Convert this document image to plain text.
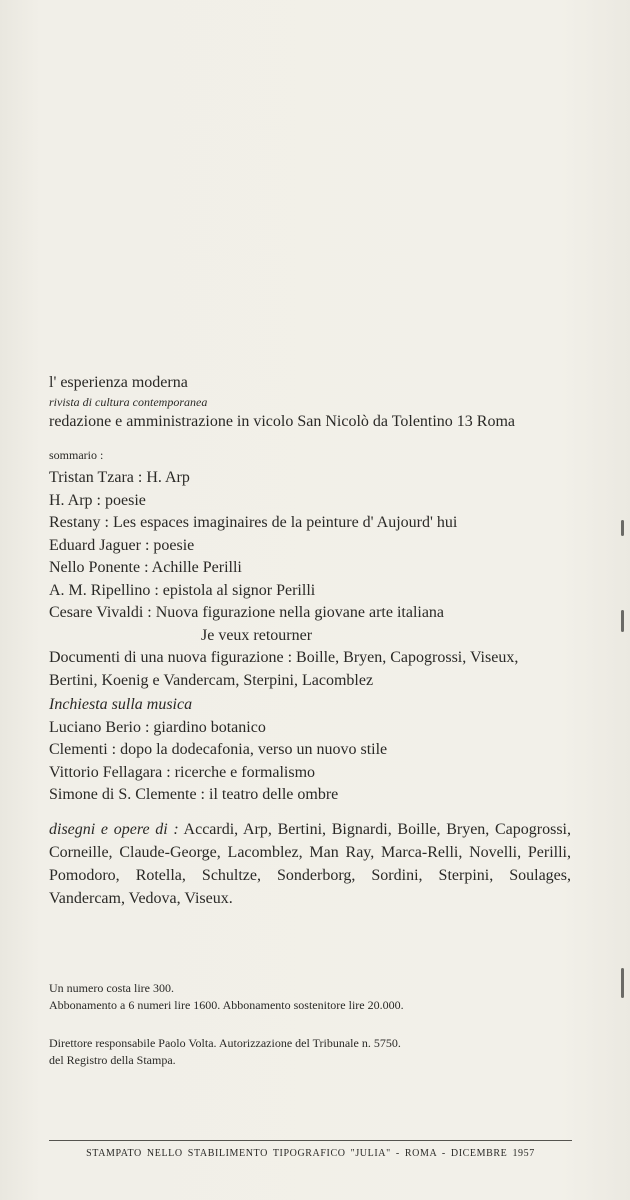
l' esperienza moderna
rivista di cultura contemporanea
redazione e amministrazione in vicolo San Nicolò da Tolentino 13 Roma
sommario :
Tristan Tzara : H. Arp
H. Arp : poesie
Restany : Les espaces imaginaires de la peinture d' Aujourd' hui
Eduard Jaguer : poesie
Nello Ponente : Achille Perilli
A. M. Ripellino : epistola al signor Perilli
Cesare Vivaldi : Nuova figurazione nella giovane arte italiana
Je veux retourner
Documenti di una nuova figurazione : Boille, Bryen, Capogrossi, Viseux,
Bertini, Koenig e Vandercam, Sterpini, Lacomblez
Inchiesta sulla musica
Luciano Berio : giardino botanico
Clementi : dopo la dodecafonia, verso un nuovo stile
Vittorio Fellagara : ricerche e formalismo
Simone di S. Clemente : il teatro delle ombre
disegni e opere di : Accardi, Arp, Bertini, Bignardi, Boille, Bryen, Capogrossi, Corneille, Claude-George, Lacomblez, Man Ray, Marca-Relli, Novelli, Perilli, Pomodoro, Rotella, Schultze, Sonderborg, Sordini, Sterpini, Soulages, Vandercam, Vedova, Viseux.
Un numero costa lire 300.
Abbonamento a 6 numeri lire 1600. Abbonamento sostenitore lire 20.000.
Direttore responsabile Paolo Volta. Autorizzazione del Tribunale n. 5750.
del Registro della Stampa.
STAMPATO NELLO STABILIMENTO TIPOGRAFICO "JULIA" - ROMA - DICEMBRE 1957
